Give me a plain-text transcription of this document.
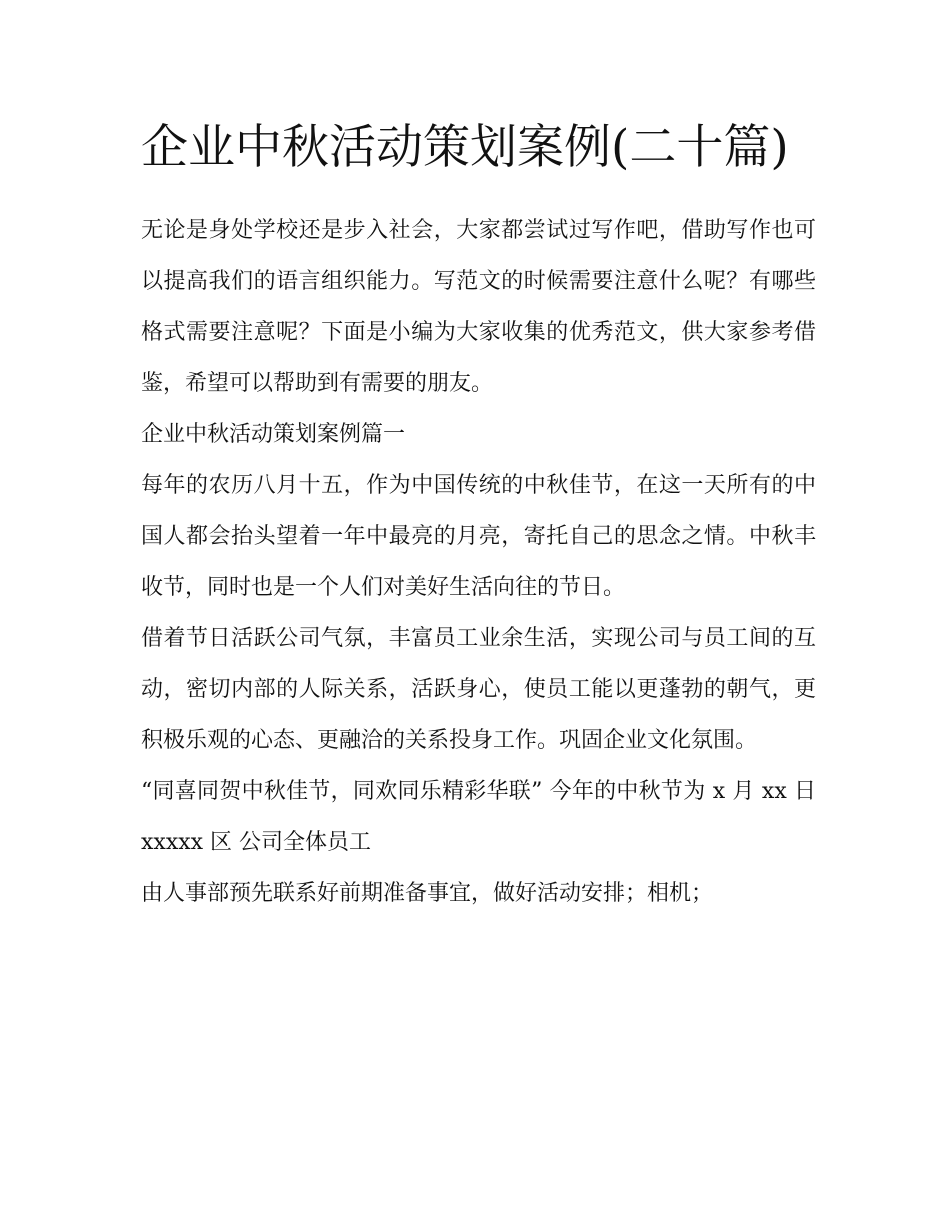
企业中秋活动策划案例(二十篇)

无论是身处学校还是步入社会，大家都尝试过写作吧，借助写作也可以提高我们的语言组织能力。写范文的时候需要注意什么呢？有哪些格式需要注意呢？下面是小编为大家收集的优秀范文，供大家参考借鉴，希望可以帮助到有需要的朋友。

企业中秋活动策划案例篇一

每年的农历八月十五，作为中国传统的中秋佳节，在这一天所有的中国人都会抬头望着一年中最亮的月亮，寄托自己的思念之情。中秋丰收节，同时也是一个人们对美好生活向往的节日。

借着节日活跃公司气氛，丰富员工业余生活，实现公司与员工间的互动，密切内部的人际关系，活跃身心，使员工能以更蓬勃的朝气，更积极乐观的心态、更融洽的关系投身工作。巩固企业文化氛围。

“同喜同贺中秋佳节，同欢同乐精彩华联” 今年的中秋节为 x 月 xx 日 xxxxx 区 公司全体员工

由人事部预先联系好前期准备事宜，做好活动安排；相机；
